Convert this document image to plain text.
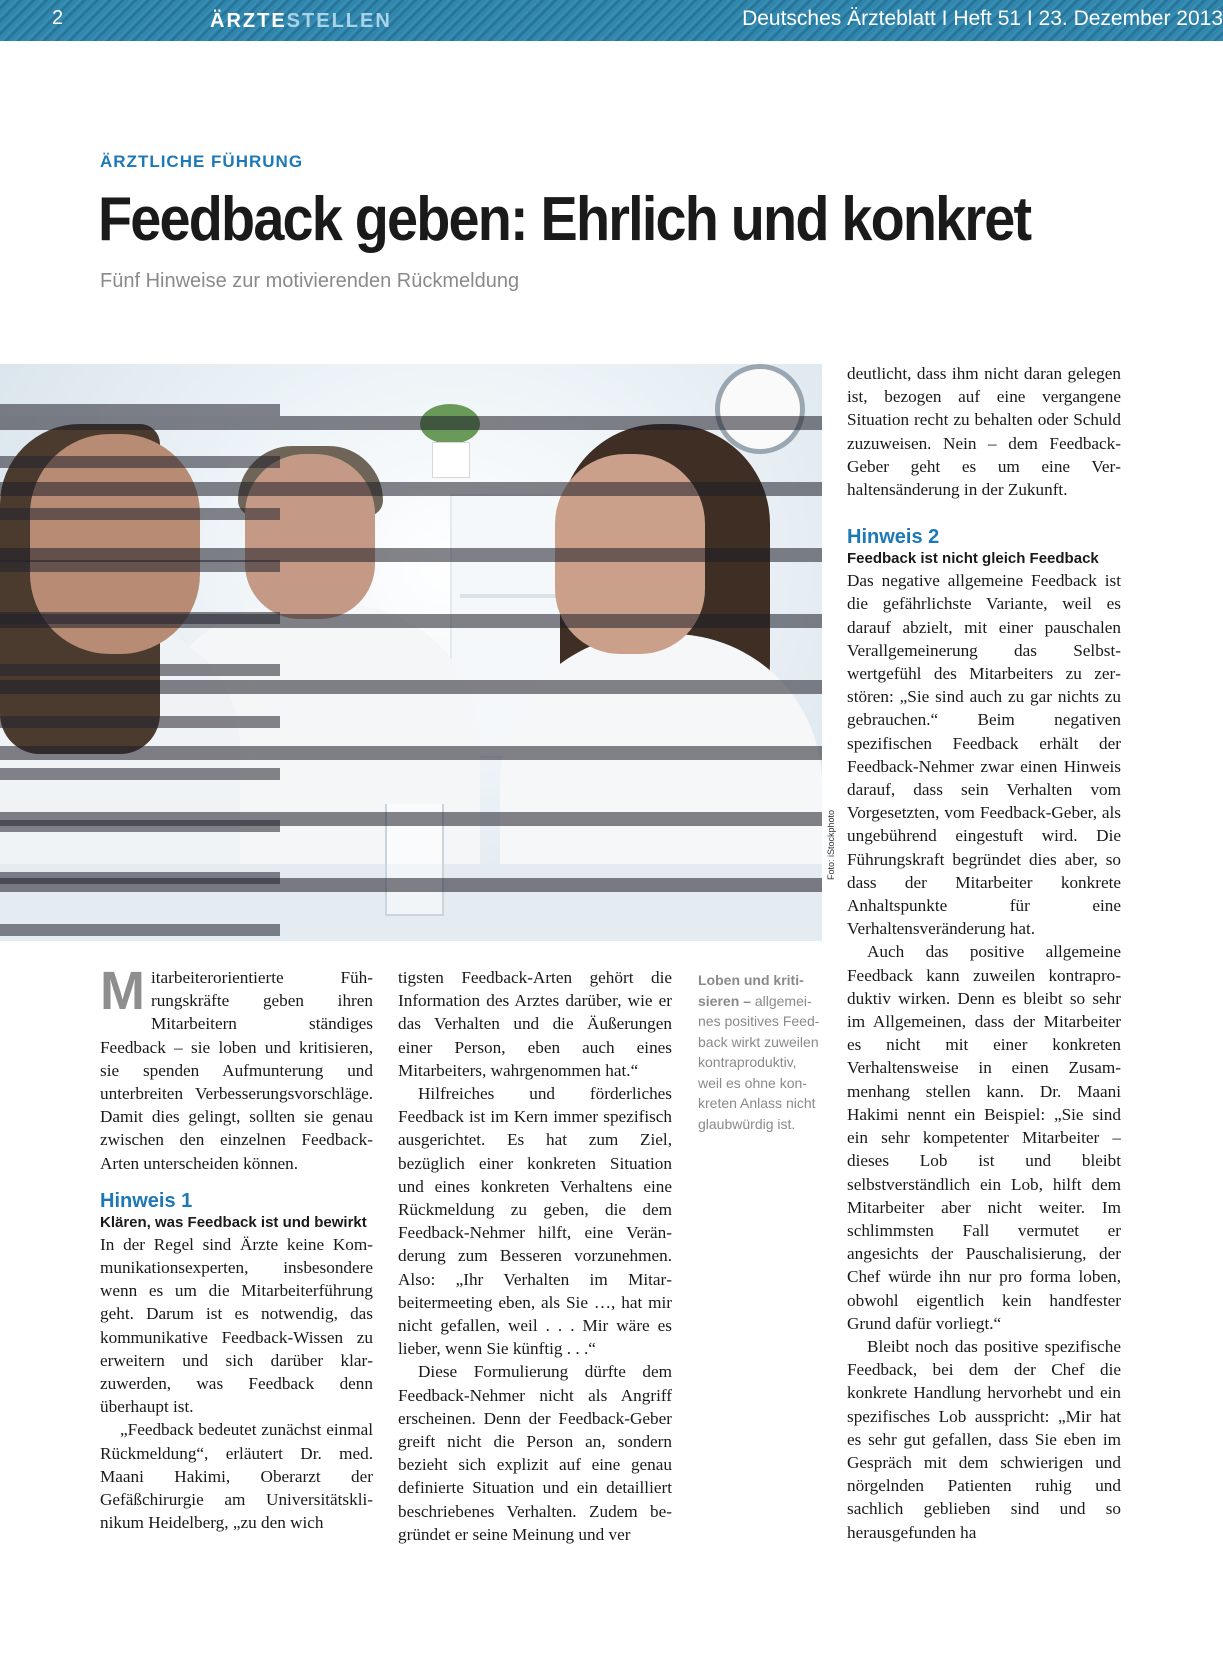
2	ÄRZTESTELLEN	Deutsches Ärzteblatt I Heft 51 I 23. Dezember 2013
ÄRZTLICHE FÜHRUNG
Feedback geben: Ehrlich und konkret
Fünf Hinweise zur motivierenden Rückmeldung
Foto: iStockphoto

Mitarbeiterorientierte Führungskräfte geben ihren Mitarbeitern ständiges Feedback – sie loben und kritisieren, sie spenden Aufmunterung und unterbreiten Verbesserungsvorschläge. Damit dies gelingt, sollten sie genau zwischen den einzelnen Feedback-Arten unterscheiden können.

Hinweis 1
Klären, was Feedback ist und bewirkt

In der Regel sind Ärzte keine Kommunikationsexperten, insbesondere wenn es um die Mitarbeiterführung geht. Darum ist es notwendig, das kommunikative Feedback-Wissen zu erweitern und sich darüber klarzuwerden, was Feedback denn überhaupt ist.

„Feedback bedeutet zunächst einmal Rückmeldung“, erläutert Dr. med. Maani Hakimi, Oberarzt der Gefäßchirurgie am Universitätsklinikum Heidelberg, „zu den wich

tigsten Feedback-Arten gehört die Information des Arztes darüber, wie er das Verhalten und die Äußerungen einer Person, eben auch eines Mitarbeiters, wahrgenommen hat.“

Hilfreiches und förderliches Feedback ist im Kern immer spezifisch ausgerichtet. Es hat zum Ziel, bezüglich einer konkreten Situation und eines konkreten Verhaltens eine Rückmeldung zu geben, die dem Feedback-Nehmer hilft, eine Veränderung zum Besseren vorzunehmen. Also: „Ihr Verhalten im Mitarbeitermeeting eben, als Sie …, hat mir nicht gefallen, weil . . . Mir wäre es lieber, wenn Sie künftig . . .“

Diese Formulierung dürfte dem Feedback-Nehmer nicht als Angriff erscheinen. Denn der Feedback-Geber greift nicht die Person an, sondern bezieht sich explizit auf eine genau definierte Situation und ein detailliert beschriebenes Verhalten. Zudem begründet er seine Meinung und ver

Loben und kritisieren – allgemeines positives Feedback wirkt zuweilen kontraproduktiv, weil es ohne konkreten Anlass nicht glaubwürdig ist.

deutlicht, dass ihm nicht daran gelegen ist, bezogen auf eine vergangene Situation recht zu behalten oder Schuld zuzuweisen. Nein – dem Feedback-Geber geht es um eine Verhaltensänderung in der Zukunft.

Hinweis 2
Feedback ist nicht gleich Feedback

Das negative allgemeine Feedback ist die gefährlichste Variante, weil es darauf abzielt, mit einer pauschalen Verallgemeinerung das Selbstwertgefühl des Mitarbeiters zu zerstören: „Sie sind auch zu gar nichts zu gebrauchen.“ Beim negativen spezifischen Feedback erhält der Feedback-Nehmer zwar einen Hinweis darauf, dass sein Verhalten vom Vorgesetzten, vom Feedback-Geber, als ungebührend eingestuft wird. Die Führungskraft begründet dies aber, so dass der Mitarbeiter konkrete Anhaltspunkte für eine Verhaltensveränderung hat.

Auch das positive allgemeine Feedback kann zuweilen kontraproduktiv wirken. Denn es bleibt so sehr im Allgemeinen, dass der Mitarbeiter es nicht mit einer konkreten Verhaltensweise in einen Zusammenhang stellen kann. Dr. Maani Hakimi nennt ein Beispiel: „Sie sind ein sehr kompetenter Mitarbeiter – dieses Lob ist und bleibt selbstverständlich ein Lob, hilft dem Mitarbeiter aber nicht weiter. Im schlimmsten Fall vermutet er angesichts der Pauschalisierung, der Chef würde ihn nur pro forma loben, obwohl eigentlich kein handfester Grund dafür vorliegt.“

Bleibt noch das positive spezifische Feedback, bei dem der Chef die konkrete Handlung hervorhebt und ein spezifisches Lob ausspricht: „Mir hat es sehr gut gefallen, dass Sie eben im Gespräch mit dem schwierigen und nörgelnden Patienten ruhig und sachlich geblieben sind und so herausgefunden ha
